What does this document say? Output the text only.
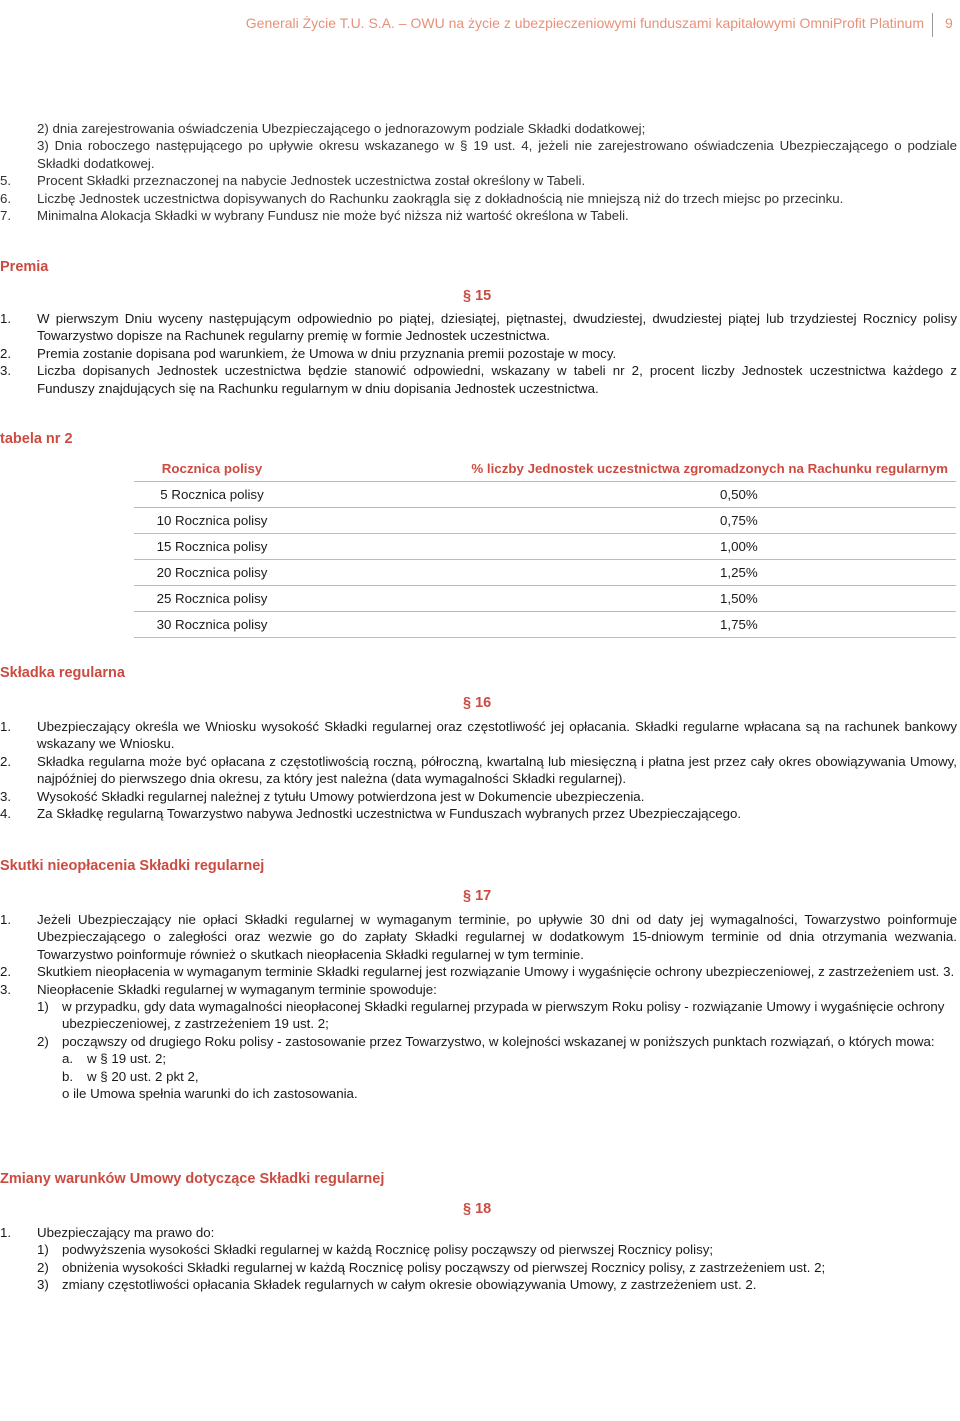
Generali Życie T.U. S.A. – OWU na życie z ubezpieczeniowymi funduszami kapitałowymi OmniProfit Platinum 9
2) dnia zarejestrowania oświadczenia Ubezpieczającego o jednorazowym podziale Składki dodatkowej;
3) Dnia roboczego następującego po upływie okresu wskazanego w § 19 ust. 4, jeżeli nie zarejestrowano oświadczenia Ubezpieczającego o podziale Składki dodatkowej.
5. Procent Składki przeznaczonej na nabycie Jednostek uczestnictwa został określony w Tabeli.
6. Liczbę Jednostek uczestnictwa dopisywanych do Rachunku zaokrągla się z dokładnością nie mniejszą niż do trzech miejsc po przecinku.
7. Minimalna Alokacja Składki w wybrany Fundusz nie może być niższa niż wartość określona w Tabeli.
Premia
§ 15
1. W pierwszym Dniu wyceny następującym odpowiednio po piątej, dziesiątej, piętnastej, dwudziestej, dwudziestej piątej lub trzydziestej Rocznicy polisy Towarzystwo dopisze na Rachunek regularny premię w formie Jednostek uczestnictwa.
2. Premia zostanie dopisana pod warunkiem, że Umowa w dniu przyznania premii pozostaje w mocy.
3. Liczba dopisanych Jednostek uczestnictwa będzie stanowić odpowiedni, wskazany w tabeli nr 2, procent liczby Jednostek uczestnictwa każdego z Funduszy znajdujących się na Rachunku regularnym w dniu dopisania Jednostek uczestnictwa.
tabela nr 2
Rocznica polisy	% liczby Jednostek uczestnictwa zgromadzonych na Rachunku regularnym
5 Rocznica polisy	0,50%
10 Rocznica polisy	0,75%
15 Rocznica polisy	1,00%
20 Rocznica polisy	1,25%
25 Rocznica polisy	1,50%
30 Rocznica polisy	1,75%
Składka regularna
§ 16
1. Ubezpieczający określa we Wniosku wysokość Składki regularnej oraz częstotliwość jej opłacania. Składki regularne wpłacana są na rachunek bankowy wskazany we Wniosku.
2. Składka regularna może być opłacana z częstotliwością roczną, półroczną, kwartalną lub miesięczną i płatna jest przez cały okres obowiązywania Umowy, najpóźniej do pierwszego dnia okresu, za który jest należna (data wymagalności Składki regularnej).
3. Wysokość Składki regularnej należnej z tytułu Umowy potwierdzona jest w Dokumencie ubezpieczenia.
4. Za Składkę regularną Towarzystwo nabywa Jednostki uczestnictwa w Funduszach wybranych przez Ubezpieczającego.
Skutki nieopłacenia Składki regularnej
§ 17
1. Jeżeli Ubezpieczający nie opłaci Składki regularnej w wymaganym terminie, po upływie 30 dni od daty jej wymagalności, Towarzystwo poinformuje Ubezpieczającego o zaległości oraz wezwie go do zapłaty Składki regularnej w dodatkowym 15-dniowym terminie od dnia otrzymania wezwania. Towarzystwo poinformuje również o skutkach nieopłacenia Składki regularnej w tym terminie.
2. Skutkiem nieopłacenia w wymaganym terminie Składki regularnej jest rozwiązanie Umowy i wygaśnięcie ochrony ubezpieczeniowej, z zastrzeżeniem ust. 3.
3. Nieopłacenie Składki regularnej w wymaganym terminie spowoduje:
1) w przypadku, gdy data wymagalności nieopłaconej Składki regularnej przypada w pierwszym Roku polisy - rozwiązanie Umowy i wygaśnięcie ochrony ubezpieczeniowej, z zastrzeżeniem 19 ust. 2;
2) począwszy od drugiego Roku polisy - zastosowanie przez Towarzystwo, w kolejności wskazanej w poniższych punktach rozwiązań, o których mowa:
a. w § 19 ust. 2;
b. w § 20 ust. 2 pkt 2,
o ile Umowa spełnia warunki do ich zastosowania.
Zmiany warunków Umowy dotyczące Składki regularnej
§ 18
1. Ubezpieczający ma prawo do:
1) podwyższenia wysokości Składki regularnej w każdą Rocznicę polisy począwszy od pierwszej Rocznicy polisy;
2) obniżenia wysokości Składki regularnej w każdą Rocznicę polisy począwszy od pierwszej Rocznicy polisy, z zastrzeżeniem ust. 2;
3) zmiany częstotliwości opłacania Składek regularnych w całym okresie obowiązywania Umowy, z zastrzeżeniem ust. 2.
